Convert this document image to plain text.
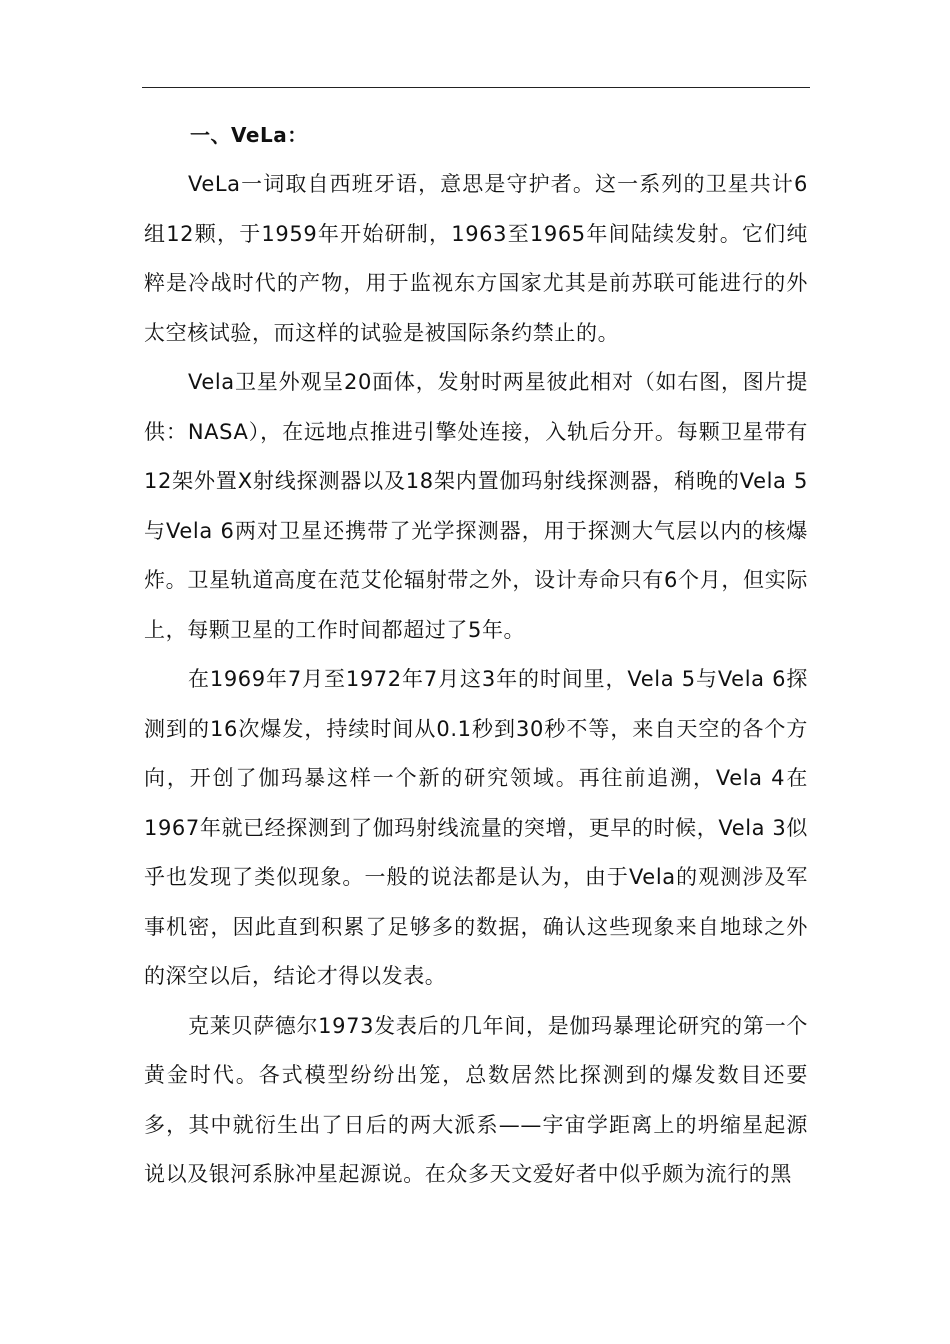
一、VeLa：

VeLa一词取自西班牙语，意思是守护者。这一系列的卫星共计6组12颗，于1959年开始研制，1963至1965年间陆续发射。它们纯粹是冷战时代的产物，用于监视东方国家尤其是前苏联可能进行的外太空核试验，而这样的试验是被国际条约禁止的。

Vela卫星外观呈20面体，发射时两星彼此相对（如右图，图片提供：NASA），在远地点推进引擎处连接，入轨后分开。每颗卫星带有12架外置X射线探测器以及18架内置伽玛射线探测器，稍晚的Vela 5与Vela 6两对卫星还携带了光学探测器，用于探测大气层以内的核爆炸。卫星轨道高度在范艾伦辐射带之外，设计寿命只有6个月，但实际上，每颗卫星的工作时间都超过了5年。

在1969年7月至1972年7月这3年的时间里，Vela 5与Vela 6探测到的16次爆发，持续时间从0.1秒到30秒不等，来自天空的各个方向，开创了伽玛暴这样一个新的研究领域。再往前追溯，Vela 4在1967年就已经探测到了伽玛射线流量的突增，更早的时候，Vela 3似乎也发现了类似现象。一般的说法都是认为，由于Vela的观测涉及军事机密，因此直到积累了足够多的数据，确认这些现象来自地球之外的深空以后，结论才得以发表。

克莱贝萨德尔1973发表后的几年间，是伽玛暴理论研究的第一个黄金时代。各式模型纷纷出笼，总数居然比探测到的爆发数目还要多，其中就衍生出了日后的两大派系——宇宙学距离上的坍缩星起源说以及银河系脉冲星起源说。在众多天文爱好者中似乎颇为流行的黑
